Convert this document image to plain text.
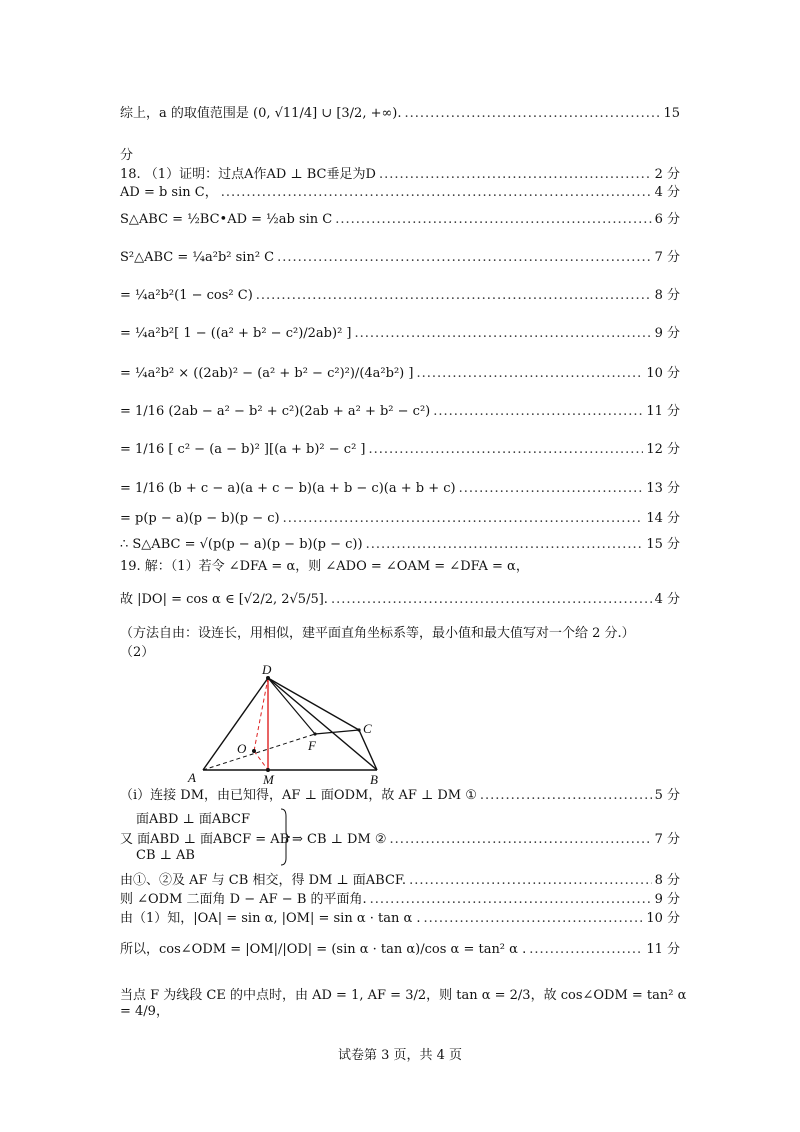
综上，a 的取值范围是 (0, √11/4] ∪ [3/2, +∞). .....	15
分
18. （1）证明：过点A作AD ⊥ BC垂足为D .....	2 分
AD = b sin C， .....	4 分
S△ABC = ½BC•AD = ½ab sin C .....	6 分
S²△ABC = ¼a²b² sin² C .....	7 分
= ¼a²b²(1 − cos² C) .....	8 分
= ¼a²b²[ 1 − ((a² + b² − c²)/2ab)² ] .....	9 分
= ¼a²b² × ((2ab)² − (a² + b² − c²)²)/(4a²b²) ] .....	10 分
= 1/16 (2ab − a² − b² + c²)(2ab + a² + b² − c²) .....	11 分
= 1/16 [ c² − (a − b)² ][(a + b)² − c² ] .....	12 分
= 1/16 (b + c − a)(a + c − b)(a + b − c)(a + b + c) .....	13 分
= p(p − a)(p − b)(p − c) .....	14 分
∴ S△ABC = √(p(p − a)(p − b)(p − c)) .....	15 分
19. 解：（1）若令 ∠DFA = α，则 ∠ADO = ∠OAM = ∠DFA = α，
故 |DO| = cos α ∈ [√2/2, 2√5/5]. .....	4 分
（方法自由：设连长，用相似，建平面直角坐标系等，最小值和最大值写对一个给 2 分.）
（2）
D
C
O	F
A	M	B
（ⅰ）连接 DM，由已知得，AF ⊥ 面ODM，故 AF ⊥ DM ① .....	5 分
面ABD ⊥ 面ABCF
又 面ABD ⊥ 面ABCF = AB
CB ⊥ AB
⇒ CB ⊥ DM ② .....	7 分
由①、②及 AF 与 CB 相交，得 DM ⊥ 面ABCF. .....	8 分
则 ∠ODM 二面角 D − AF − B 的平面角. .....	9 分
由（1）知，|OA| = sin α, |OM| = sin α · tan α . .....	10 分
所以，cos∠ODM = |OM|/|OD| = (sin α · tan α)/cos α = tan² α . .....	11 分
当点 F 为线段 CE 的中点时，由 AD = 1, AF = 3/2，则 tan α = 2/3，故 cos∠ODM = tan² α = 4/9，
试卷第 3 页，共 4 页
